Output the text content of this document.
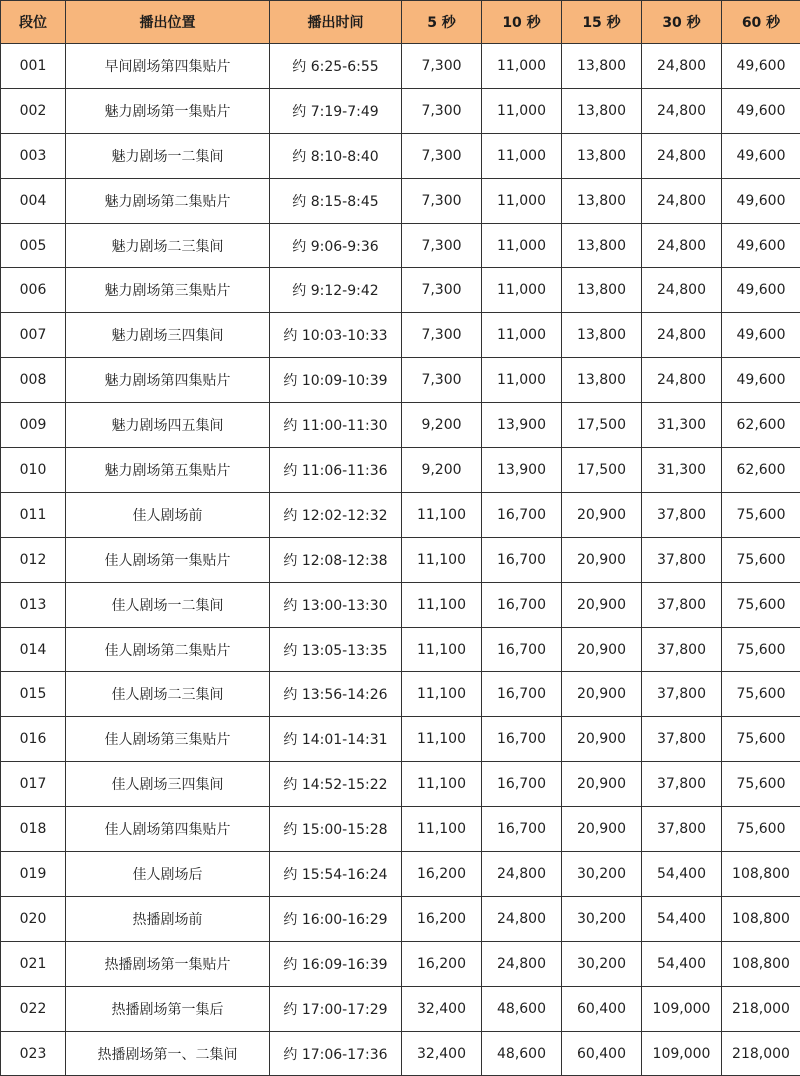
段位	播出位置	播出时间	5 秒	10 秒	15 秒	30 秒	60 秒
001	早间剧场第四集贴片	约 6:25-6:55	7,300	11,000	13,800	24,800	49,600
002	魅力剧场第一集贴片	约 7:19-7:49	7,300	11,000	13,800	24,800	49,600
003	魅力剧场一二集间	约 8:10-8:40	7,300	11,000	13,800	24,800	49,600
004	魅力剧场第二集贴片	约 8:15-8:45	7,300	11,000	13,800	24,800	49,600
005	魅力剧场二三集间	约 9:06-9:36	7,300	11,000	13,800	24,800	49,600
006	魅力剧场第三集贴片	约 9:12-9:42	7,300	11,000	13,800	24,800	49,600
007	魅力剧场三四集间	约 10:03-10:33	7,300	11,000	13,800	24,800	49,600
008	魅力剧场第四集贴片	约 10:09-10:39	7,300	11,000	13,800	24,800	49,600
009	魅力剧场四五集间	约 11:00-11:30	9,200	13,900	17,500	31,300	62,600
010	魅力剧场第五集贴片	约 11:06-11:36	9,200	13,900	17,500	31,300	62,600
011	佳人剧场前	约 12:02-12:32	11,100	16,700	20,900	37,800	75,600
012	佳人剧场第一集贴片	约 12:08-12:38	11,100	16,700	20,900	37,800	75,600
013	佳人剧场一二集间	约 13:00-13:30	11,100	16,700	20,900	37,800	75,600
014	佳人剧场第二集贴片	约 13:05-13:35	11,100	16,700	20,900	37,800	75,600
015	佳人剧场二三集间	约 13:56-14:26	11,100	16,700	20,900	37,800	75,600
016	佳人剧场第三集贴片	约 14:01-14:31	11,100	16,700	20,900	37,800	75,600
017	佳人剧场三四集间	约 14:52-15:22	11,100	16,700	20,900	37,800	75,600
018	佳人剧场第四集贴片	约 15:00-15:28	11,100	16,700	20,900	37,800	75,600
019	佳人剧场后	约 15:54-16:24	16,200	24,800	30,200	54,400	108,800
020	热播剧场前	约 16:00-16:29	16,200	24,800	30,200	54,400	108,800
021	热播剧场第一集贴片	约 16:09-16:39	16,200	24,800	30,200	54,400	108,800
022	热播剧场第一集后	约 17:00-17:29	32,400	48,600	60,400	109,000	218,000
023	热播剧场第一、二集间	约 17:06-17:36	32,400	48,600	60,400	109,000	218,000
